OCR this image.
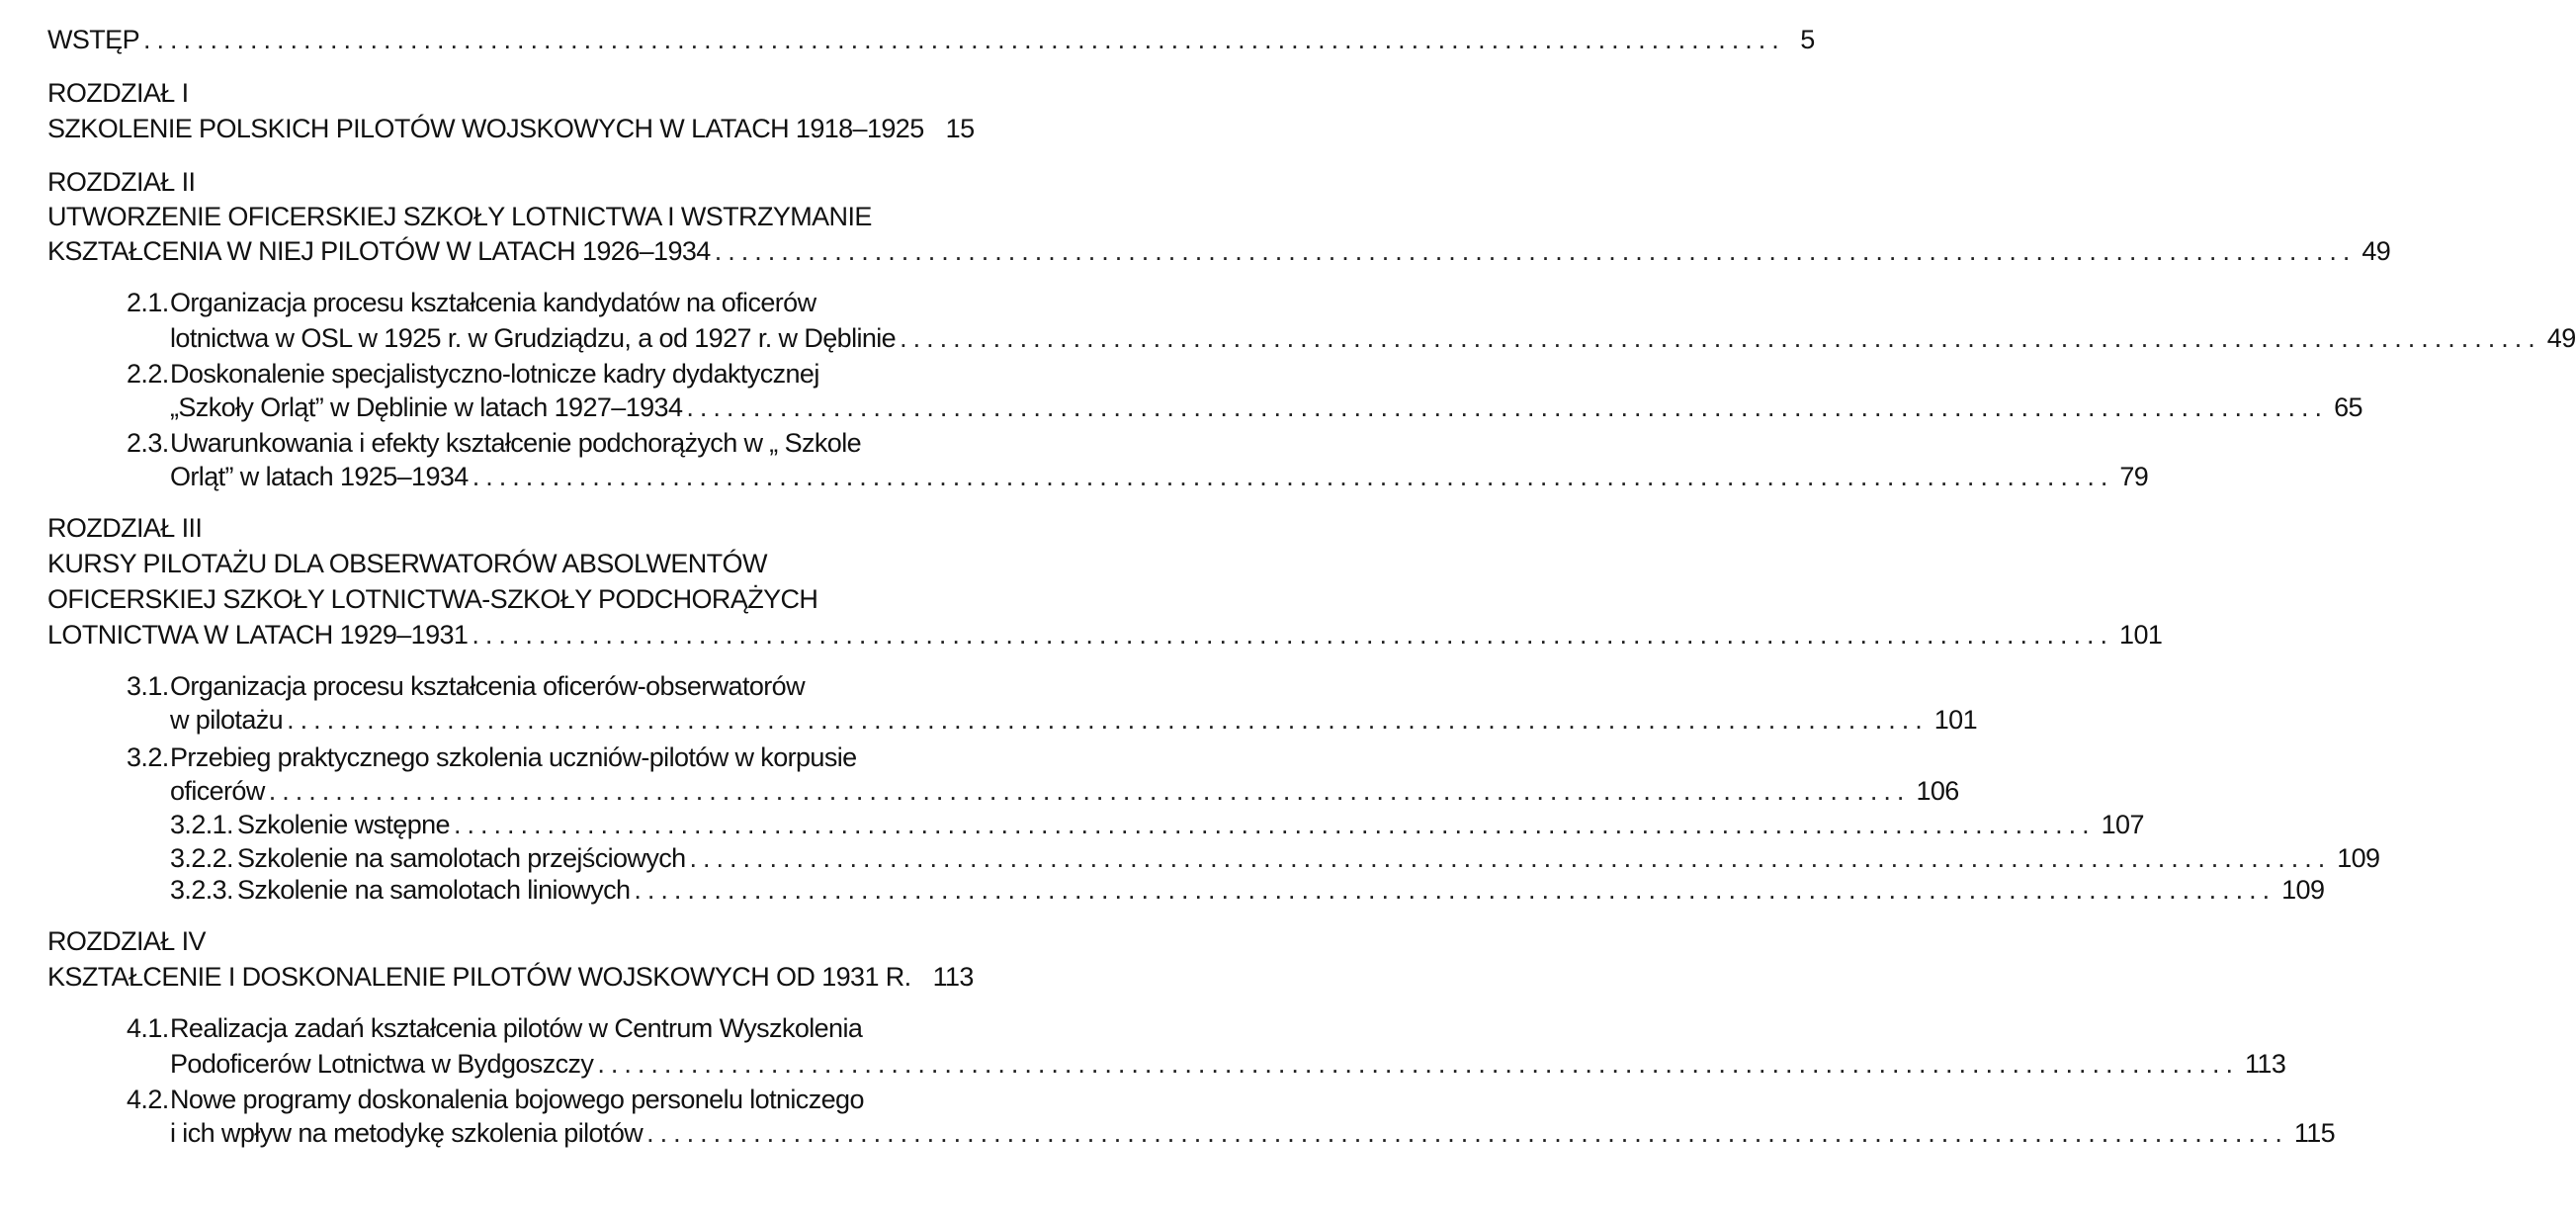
WSTĘP ........................................................................................................................... 5
ROZDZIAŁ I
SZKOLENIE POLSKICH PILOTÓW WOJSKOWYCH W LATACH 1918–1925 15
ROZDZIAŁ II
UTWORZENIE OFICERSKIEJ SZKOŁY LOTNICTWA I WSTRZYMANIE
KSZTAŁCENIA W NIEJ PILOTÓW W LATACH 1926–1934 ........................................................................................................................... 49
2.1. Organizacja procesu kształcenia kandydatów na oficerów
lotnictwa w OSL w 1925 r. w Grudziądzu, a od 1927 r. w Dęblinie ........................................................................................................................... 49
2.2. Doskonalenie specjalistyczno-lotnicze kadry dydaktycznej
„Szkoły Orląt” w Dęblinie w latach 1927–1934 ........................................................................................................................... 65
2.3. Uwarunkowania i efekty kształcenie podchorążych w „ Szkole
Orląt” w latach 1925–1934 ........................................................................................................................... 79
ROZDZIAŁ III
KURSY PILOTAŻU DLA OBSERWATORÓW ABSOLWENTÓW
OFICERSKIEJ SZKOŁY LOTNICTWA-SZKOŁY PODCHORĄŻYCH
LOTNICTWA W LATACH 1929–1931 ........................................................................................................................... 101
3.1. Organizacja procesu kształcenia oficerów-obserwatorów
w pilotażu ........................................................................................................................... 101
3.2. Przebieg praktycznego szkolenia uczniów-pilotów w korpusie
oficerów ........................................................................................................................... 106
3.2.1. Szkolenie wstępne ........................................................................................................................... 107
3.2.2. Szkolenie na samolotach przejściowych ........................................................................................................................... 109
3.2.3. Szkolenie na samolotach liniowych ........................................................................................................................... 109
ROZDZIAŁ IV
KSZTAŁCENIE I DOSKONALENIE PILOTÓW WOJSKOWYCH OD 1931 R. 113
4.1. Realizacja zadań kształcenia pilotów w Centrum Wyszkolenia
Podoficerów Lotnictwa w Bydgoszczy ........................................................................................................................... 113
4.2. Nowe programy doskonalenia bojowego personelu lotniczego
i ich wpływ na metodykę szkolenia pilotów ........................................................................................................................... 115
